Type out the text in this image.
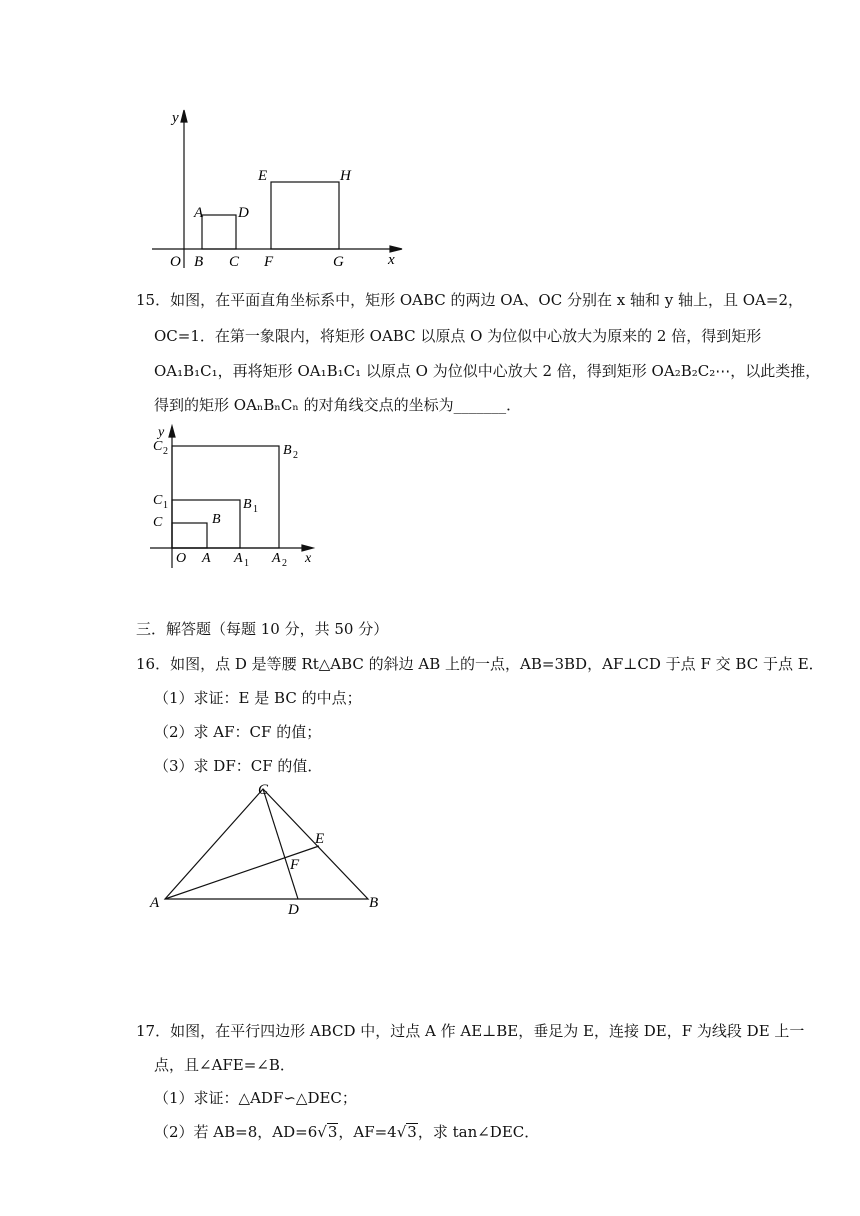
y
x
O
A
B C
D
E
F	G
H
15．如图，在平面直角坐标系中，矩形 OABC 的两边 OA、OC 分别在 x 轴和 y 轴上，且 OA=2，
OC=1．在第一象限内，将矩形 OABC 以原点 O 为位似中心放大为原来的 2 倍，得到矩形
OA₁B₁C₁，再将矩形 OA₁B₁C₁ 以原点 O 为位似中心放大 2 倍，得到矩形 OA₂B₂C₂⋯，以此类推，
得到的矩形 OAₙBₙCₙ 的对角线交点的坐标为_______．
y
x
O A A 1 A 2
B
B 1
B 2
C
C 1
C 2
三．解答题（每题 10 分，共 50 分）
16．如图，点 D 是等腰 Rt△ABC 的斜边 AB 上的一点，AB=3BD，AF⊥CD 于点 F 交 BC 于点 E．
（1）求证：E 是 BC 的中点；
（2）求 AF：CF 的值；
（3）求 DF：CF 的值．
A	B
C
D
E
F
17．如图，在平行四边形 ABCD 中，过点 A 作 AE⊥BE，垂足为 E，连接 DE，F 为线段 DE 上一
点，且∠AFE=∠B．
（1）求证：△ADF∽△DEC；
（2）若 AB=8，AD=6√3，AF=4√3，求 tan∠DEC．
